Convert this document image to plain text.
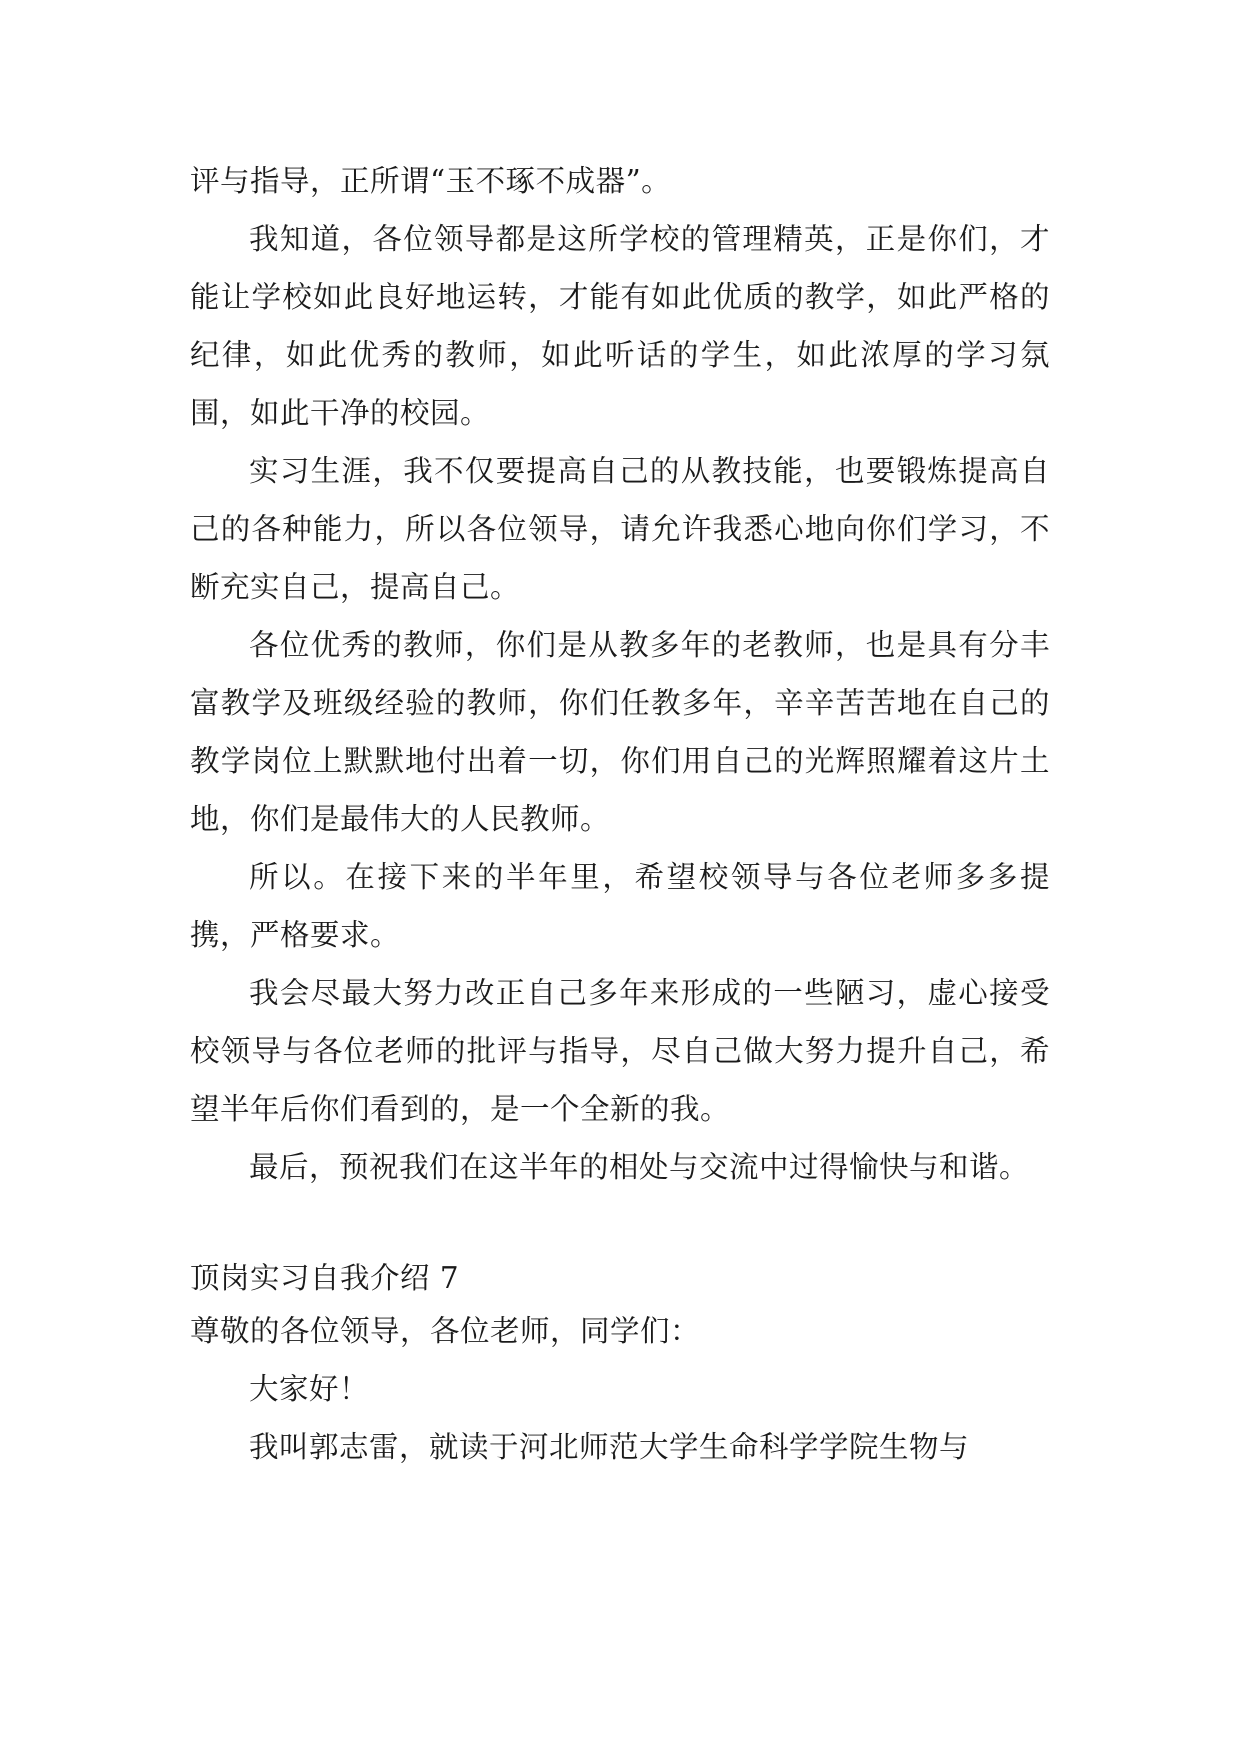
评与指导，正所谓“玉不琢不成器”。

我知道，各位领导都是这所学校的管理精英，正是你们，才能让学校如此良好地运转，才能有如此优质的教学，如此严格的纪律，如此优秀的教师，如此听话的学生，如此浓厚的学习氛围，如此干净的校园。

实习生涯，我不仅要提高自己的从教技能，也要锻炼提高自己的各种能力，所以各位领导，请允许我悉心地向你们学习，不断充实自己，提高自己。

各位优秀的教师，你们是从教多年的老教师，也是具有分丰富教学及班级经验的教师，你们任教多年，辛辛苦苦地在自己的教学岗位上默默地付出着一切，你们用自己的光辉照耀着这片土地，你们是最伟大的人民教师。

所以。在接下来的半年里，希望校领导与各位老师多多提携，严格要求。

我会尽最大努力改正自己多年来形成的一些陋习，虚心接受校领导与各位老师的批评与指导，尽自己做大努力提升自己，希望半年后你们看到的，是一个全新的我。

最后，预祝我们在这半年的相处与交流中过得愉快与和谐。

顶岗实习自我介绍 7

尊敬的各位领导，各位老师，同学们：

大家好！

我叫郭志雷，就读于河北师范大学生命科学学院生物与
